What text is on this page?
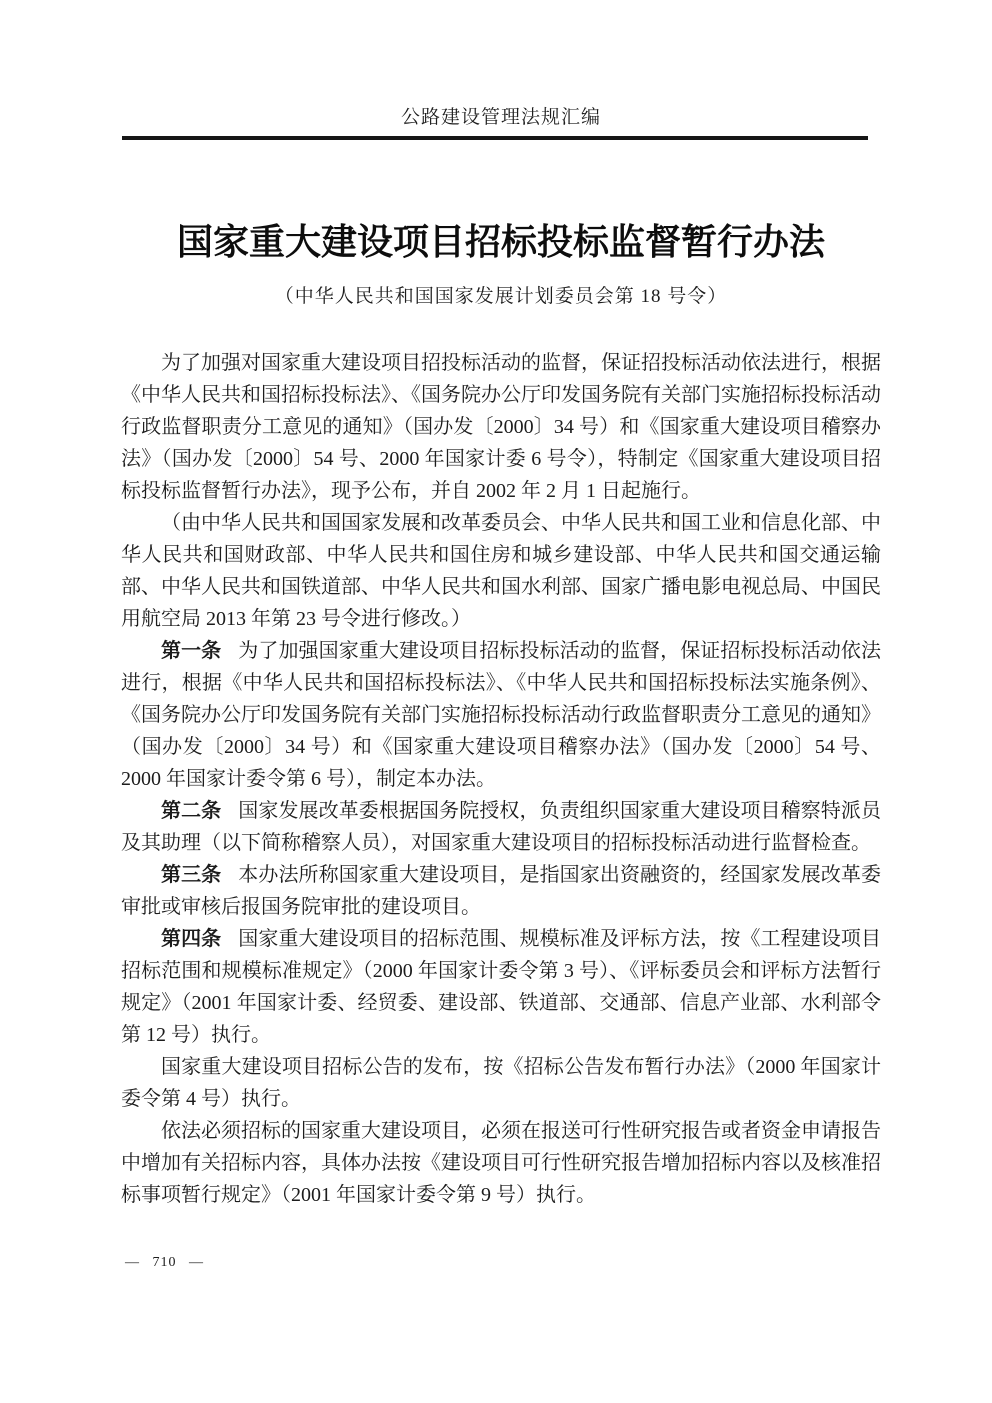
公路建设管理法规汇编
国家重大建设项目招标投标监督暂行办法
（中华人民共和国国家发展计划委员会第 18 号令）

为了加强对国家重大建设项目招投标活动的监督，保证招投标活动依法进行，根据《中华人民共和国招标投标法》、《国务院办公厅印发国务院有关部门实施招标投标活动行政监督职责分工意见的通知》（国办发〔2000〕34 号）和《国家重大建设项目稽察办法》（国办发〔2000〕54 号、2000 年国家计委 6 号令），特制定《国家重大建设项目招标投标监督暂行办法》，现予公布，并自 2002 年 2 月 1 日起施行。

（由中华人民共和国国家发展和改革委员会、中华人民共和国工业和信息化部、中华人民共和国财政部、中华人民共和国住房和城乡建设部、中华人民共和国交通运输部、中华人民共和国铁道部、中华人民共和国水利部、国家广播电影电视总局、中国民用航空局 2013 年第 23 号令进行修改。）

第一条 为了加强国家重大建设项目招标投标活动的监督，保证招标投标活动依法进行，根据《中华人民共和国招标投标法》、《中华人民共和国招标投标法实施条例》、《国务院办公厅印发国务院有关部门实施招标投标活动行政监督职责分工意见的通知》（国办发〔2000〕34 号）和《国家重大建设项目稽察办法》（国办发〔2000〕54 号、2000 年国家计委令第 6 号），制定本办法。

第二条 国家发展改革委根据国务院授权，负责组织国家重大建设项目稽察特派员及其助理（以下简称稽察人员），对国家重大建设项目的招标投标活动进行监督检查。

第三条 本办法所称国家重大建设项目，是指国家出资融资的，经国家发展改革委审批或审核后报国务院审批的建设项目。

第四条 国家重大建设项目的招标范围、规模标准及评标方法，按《工程建设项目招标范围和规模标准规定》（2000 年国家计委令第 3 号）、《评标委员会和评标方法暂行规定》（2001 年国家计委、经贸委、建设部、铁道部、交通部、信息产业部、水利部令第 12 号）执行。

国家重大建设项目招标公告的发布，按《招标公告发布暂行办法》（2000 年国家计委令第 4 号）执行。

依法必须招标的国家重大建设项目，必须在报送可行性研究报告或者资金申请报告中增加有关招标内容，具体办法按《建设项目可行性研究报告增加招标内容以及核准招标事项暂行规定》（2001 年国家计委令第 9 号）执行。

— 710 —
